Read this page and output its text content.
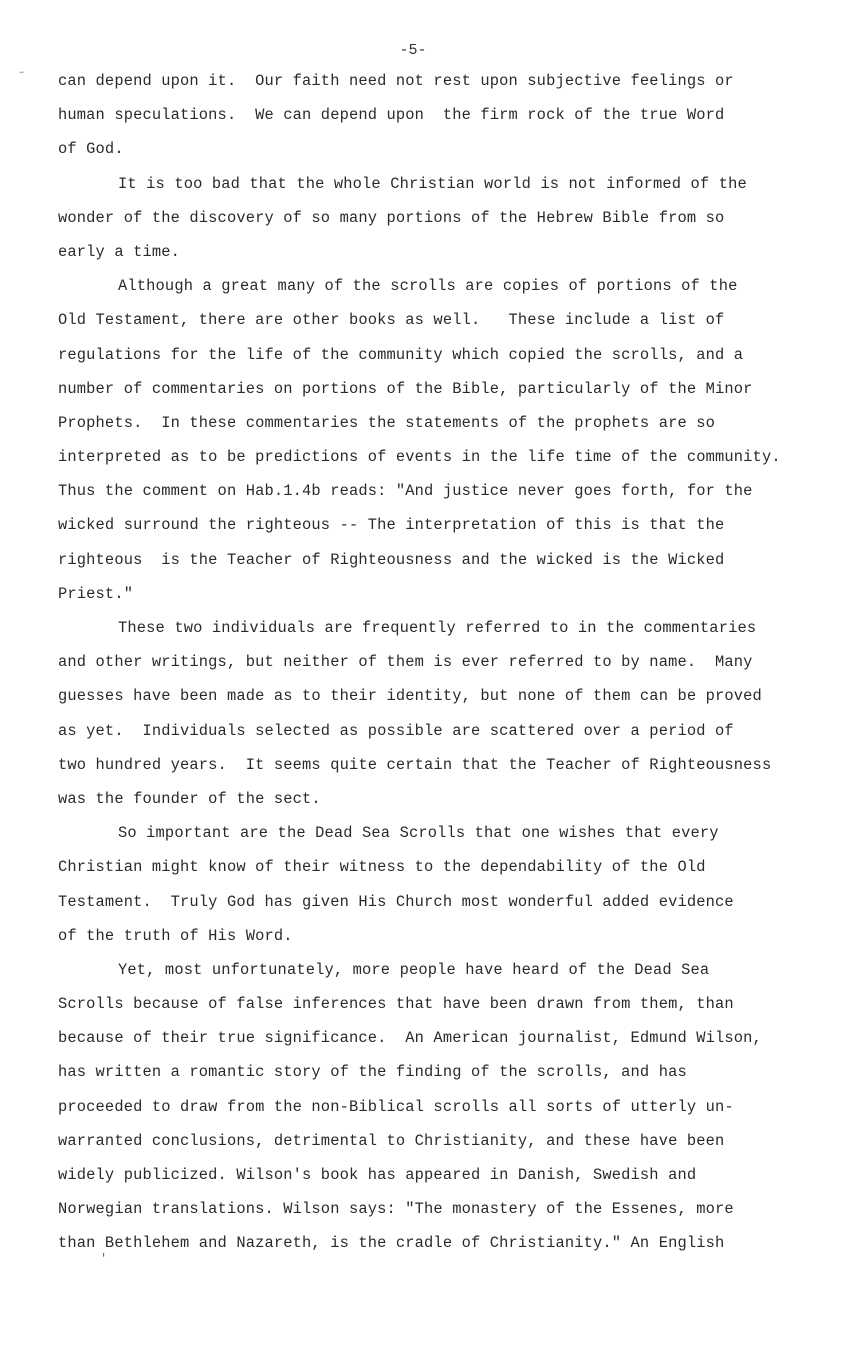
˜
-5-
can depend upon it.  Our faith need not rest upon subjective feelings or
human speculations.  We can depend upon  the firm rock of the true Word
of God.
It is too bad that the whole Christian world is not informed of the
wonder of the discovery of so many portions of the Hebrew Bible from so
early a time.
Although a great many of the scrolls are copies of portions of the
Old Testament, there are other books as well.   These include a list of
regulations for the life of the community which copied the scrolls, and a
number of commentaries on portions of the Bible, particularly of the Minor
Prophets.  In these commentaries the statements of the prophets are so
interpreted as to be predictions of events in the life time of the community.
Thus the comment on Hab.1.4b reads: "And justice never goes forth, for the
wicked surround the righteous -- The interpretation of this is that the
righteous  is the Teacher of Righteousness and the wicked is the Wicked
Priest."
These two individuals are frequently referred to in the commentaries
and other writings, but neither of them is ever referred to by name.  Many
guesses have been made as to their identity, but none of them can be proved
as yet.  Individuals selected as possible are scattered over a period of
two hundred years.  It seems quite certain that the Teacher of Righteousness
was the founder of the sect.
So important are the Dead Sea Scrolls that one wishes that every
Christian might know of their witness to the dependability of the Old
Testament.  Truly God has given His Church most wonderful added evidence
of the truth of His Word.
Yet, most unfortunately, more people have heard of the Dead Sea
Scrolls because of false inferences that have been drawn from them, than
because of their true significance.  An American journalist, Edmund Wilson,
has written a romantic story of the finding of the scrolls, and has
proceeded to draw from the non-Biblical scrolls all sorts of utterly un-
warranted conclusions, detrimental to Christianity, and these have been
widely publicized. Wilson's book has appeared in Danish, Swedish and
Norwegian translations. Wilson says: "The monastery of the Essenes, more
than Bethlehem and Nazareth, is the cradle of Christianity." An English
'
